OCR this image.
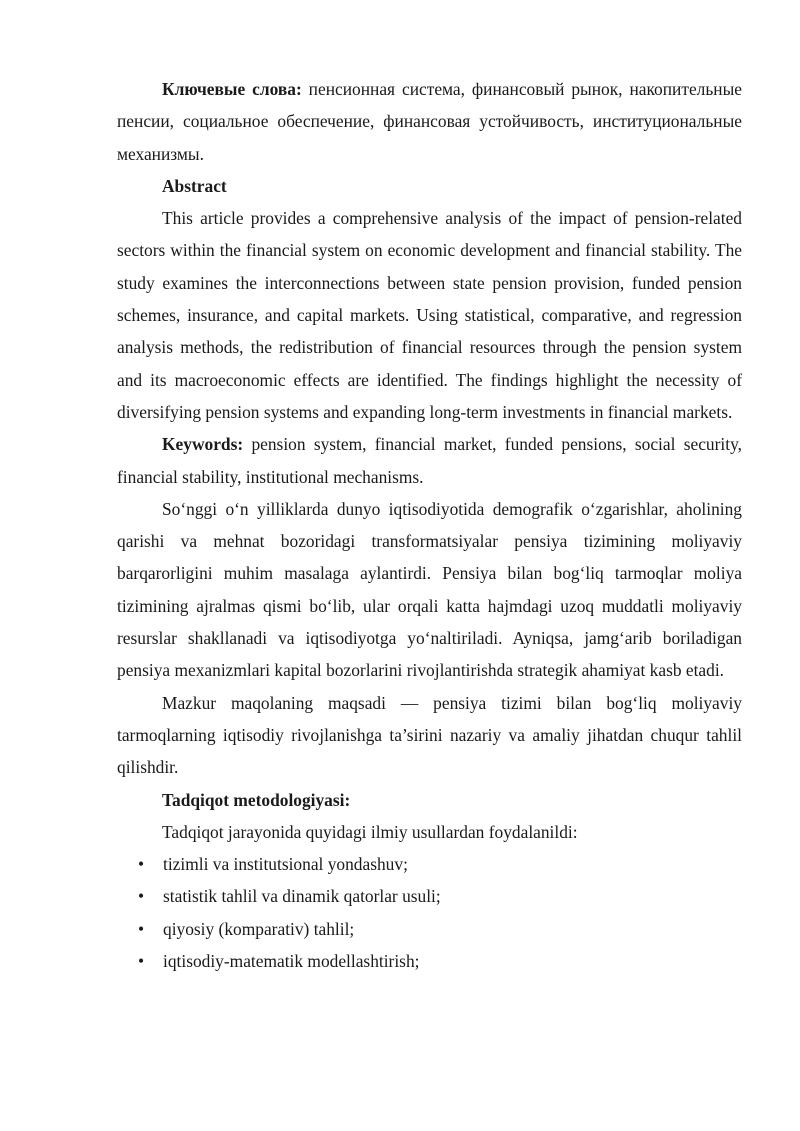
Ключевые слова: пенсионная система, финансовый рынок, накопительные пенсии, социальное обеспечение, финансовая устойчивость, институциональные механизмы.

Abstract

This article provides a comprehensive analysis of the impact of pension-related sectors within the financial system on economic development and financial stability. The study examines the interconnections between state pension provision, funded pension schemes, insurance, and capital markets. Using statistical, comparative, and regression analysis methods, the redistribution of financial resources through the pension system and its macroeconomic effects are identified. The findings highlight the necessity of diversifying pension systems and expanding long-term investments in financial markets.

Keywords: pension system, financial market, funded pensions, social security, financial stability, institutional mechanisms.

So‘nggi o‘n yilliklarda dunyo iqtisodiyotida demografik o‘zgarishlar, aholining qarishi va mehnat bozoridagi transformatsiyalar pensiya tizimining moliyaviy barqarorligini muhim masalaga aylantirdi. Pensiya bilan bog‘liq tarmoqlar moliya tizimining ajralmas qismi bo‘lib, ular orqali katta hajmdagi uzoq muddatli moliyaviy resurslar shakllanadi va iqtisodiyotga yo‘naltiriladi. Ayniqsa, jamg‘arib boriladigan pensiya mexanizmlari kapital bozorlarini rivojlantirishda strategik ahamiyat kasb etadi.

Mazkur maqolaning maqsadi — pensiya tizimi bilan bog‘liq moliyaviy tarmoqlarning iqtisodiy rivojlanishga ta’sirini nazariy va amaliy jihatdan chuqur tahlil qilishdir.

Tadqiqot metodologiyasi:

Tadqiqot jarayonida quyidagi ilmiy usullardan foydalanildi:

• tizimli va institutsional yondashuv;
• statistik tahlil va dinamik qatorlar usuli;
• qiyosiy (komparativ) tahlil;
• iqtisodiy-matematik modellashtirish;
